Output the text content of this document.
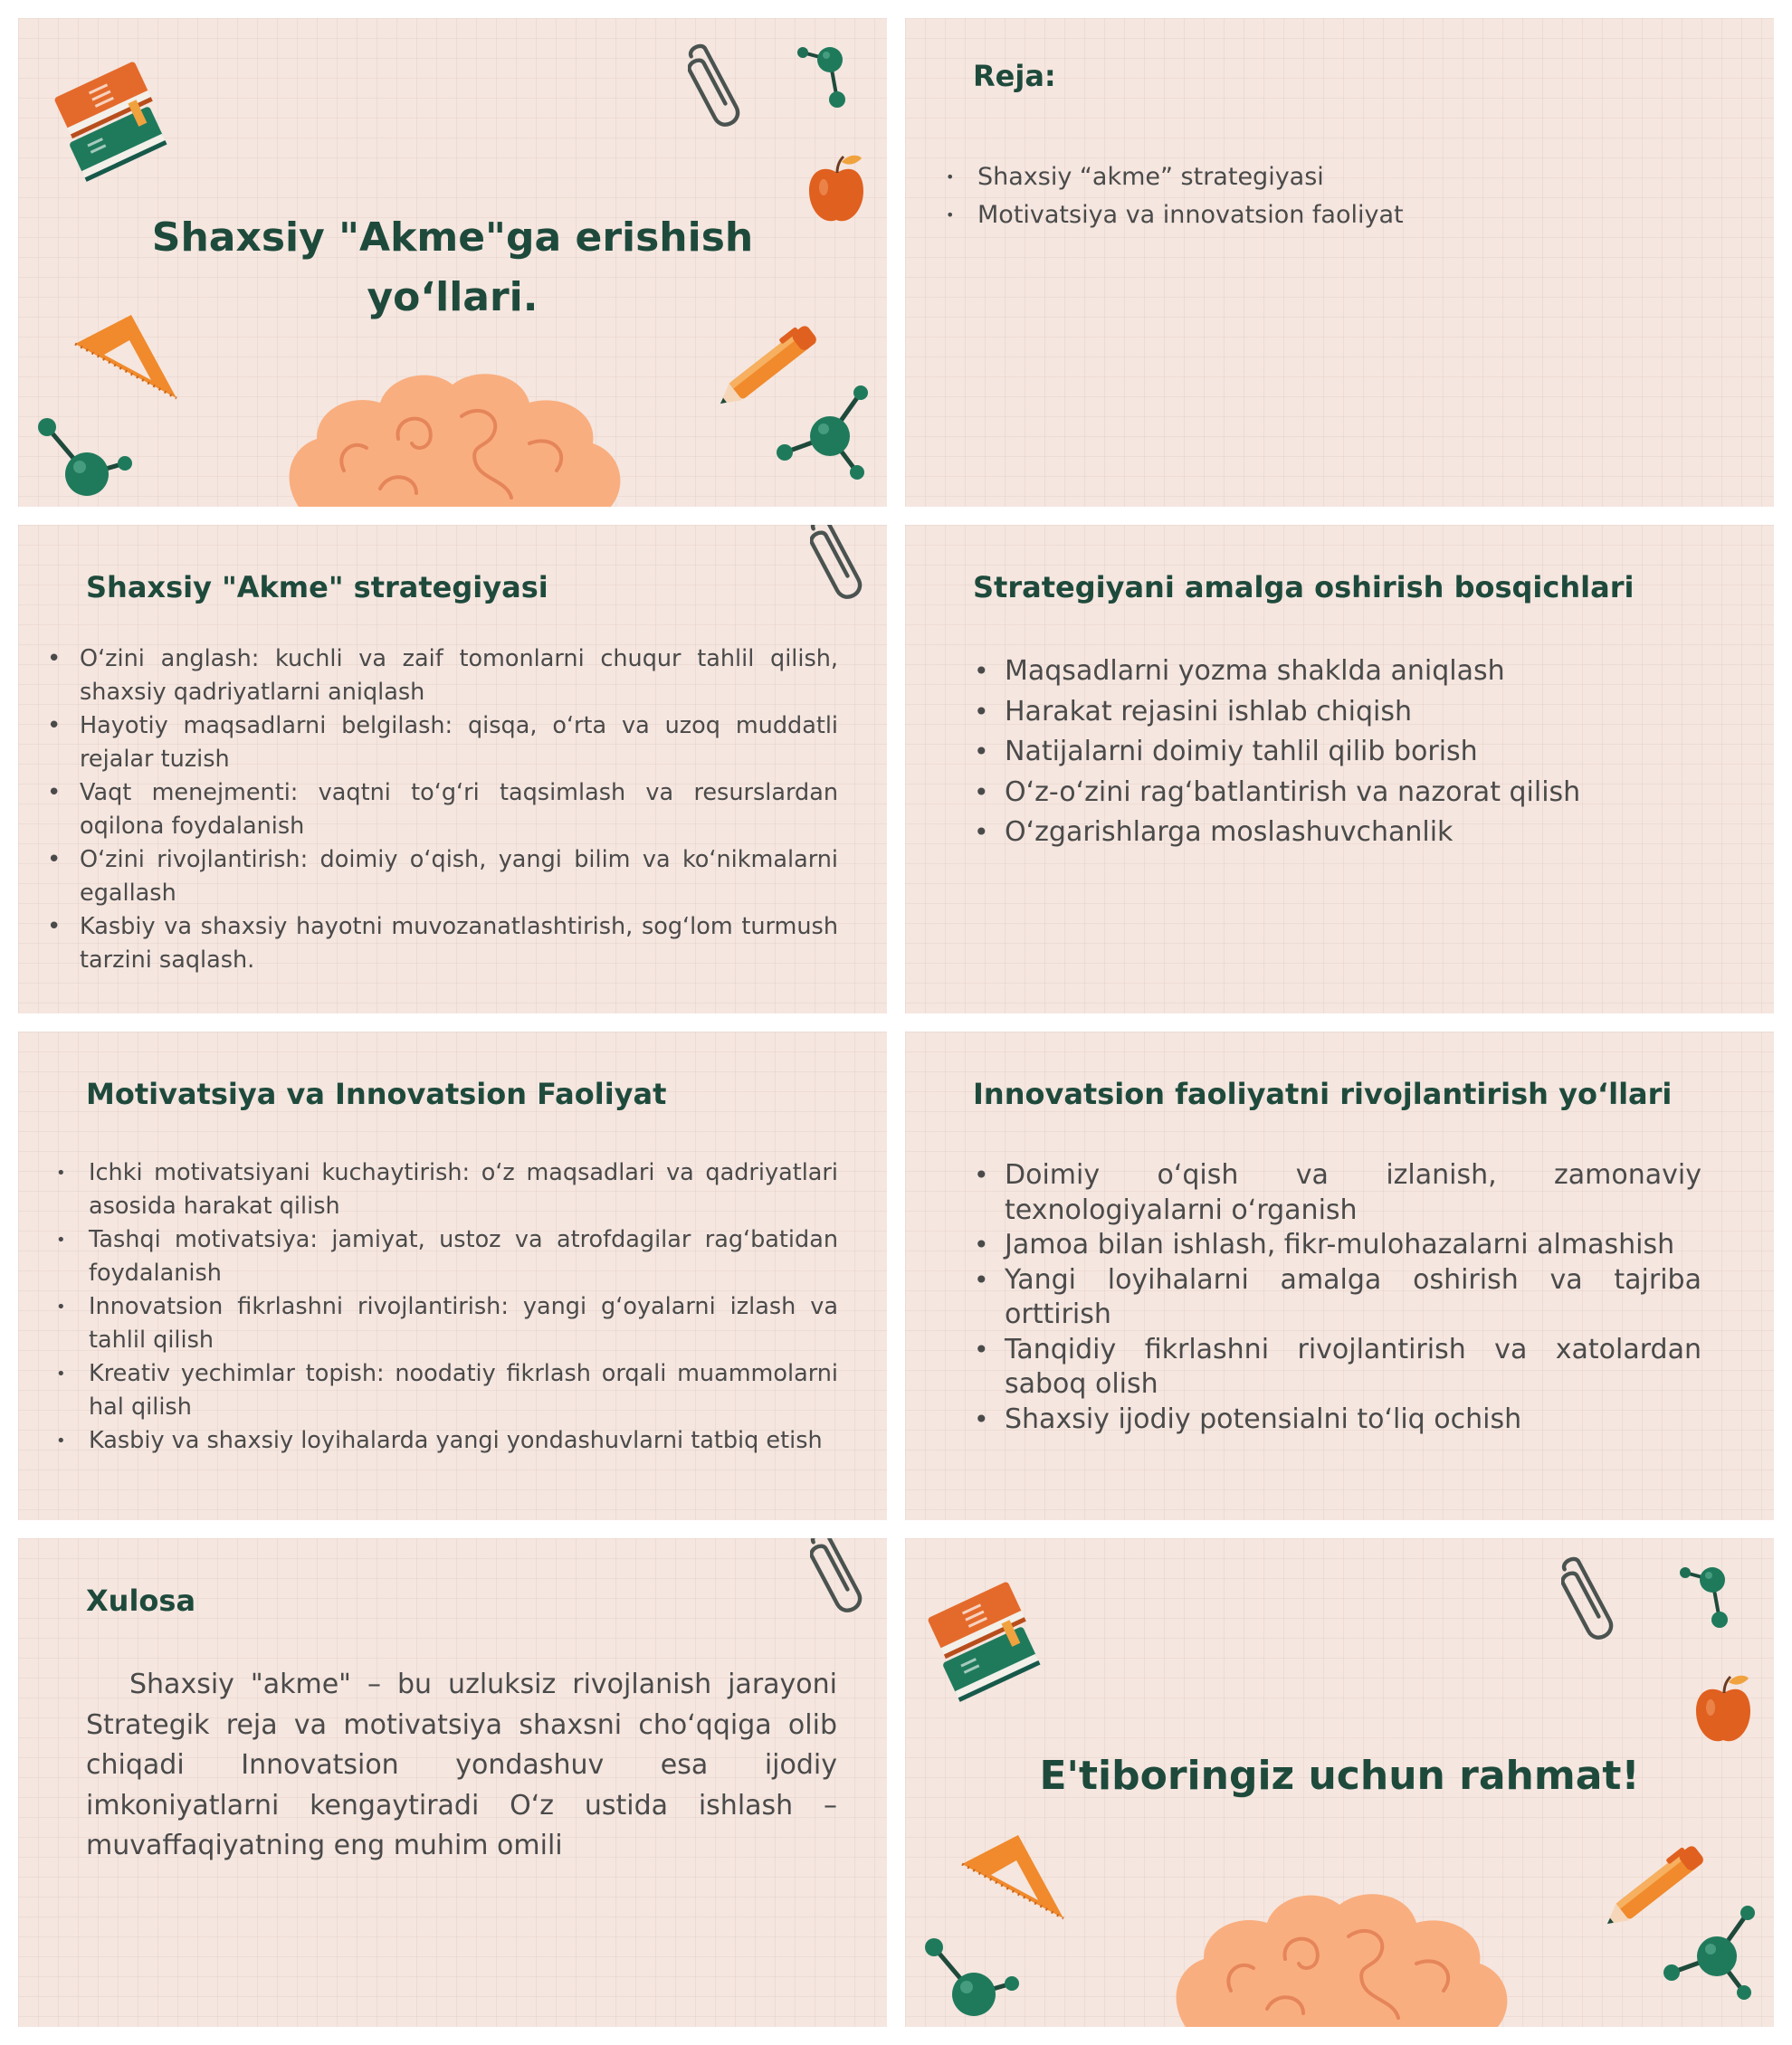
Shaxsiy "Akme"ga erishish
yo‘llari.
Reja:
• Shaxsiy “akme” strategiyasi
• Motivatsiya va innovatsion faoliyat
Shaxsiy "Akme" strategiyasi
• O‘zini anglash: kuchli va zaif tomonlarni chuqur tahlil qilish, shaxsiy qadriyatlarni aniqlash
• Hayotiy maqsadlarni belgilash: qisqa, o‘rta va uzoq muddatli rejalar tuzish
• Vaqt menejmenti: vaqtni to‘g‘ri taqsimlash va resurslardan oqilona foydalanish
• O‘zini rivojlantirish: doimiy o‘qish, yangi bilim va ko‘nikmalarni egallash
• Kasbiy va shaxsiy hayotni muvozanatlashtirish, sog‘lom turmush tarzini saqlash.
Strategiyani amalga oshirish bosqichlari
• Maqsadlarni yozma shaklda aniqlash
• Harakat rejasini ishlab chiqish
• Natijalarni doimiy tahlil qilib borish
• O‘z-o‘zini rag‘batlantirish va nazorat qilish
• O‘zgarishlarga moslashuvchanlik
Motivatsiya va Innovatsion Faoliyat
• Ichki motivatsiyani kuchaytirish: o‘z maqsadlari va qadriyatlari asosida harakat qilish
• Tashqi motivatsiya: jamiyat, ustoz va atrofdagilar rag‘batidan foydalanish
• Innovatsion fikrlashni rivojlantirish: yangi g‘oyalarni izlash va tahlil qilish
• Kreativ yechimlar topish: noodatiy fikrlash orqali muammolarni hal qilish
• Kasbiy va shaxsiy loyihalarda yangi yondashuvlarni tatbiq etish
Innovatsion faoliyatni rivojlantirish yo‘llari
• Doimiy o‘qish va izlanish, zamonaviy texnologiyalarni o‘rganish
• Jamoa bilan ishlash, fikr-mulohazalarni almashish
• Yangi loyihalarni amalga oshirish va tajriba orttirish
• Tanqidiy fikrlashni rivojlantirish va xatolardan saboq olish
• Shaxsiy ijodiy potensialni to‘liq ochish
Xulosa

Shaxsiy "akme" – bu uzluksiz rivojlanish jarayoni Strategik reja va motivatsiya shaxsni cho‘qqiga olib chiqadi Innovatsion yondashuv esa ijodiy imkoniyatlarni kengaytiradi O‘z ustida ishlash – muvaffaqiyatning eng muhim omili

E'tiboringiz uchun rahmat!
